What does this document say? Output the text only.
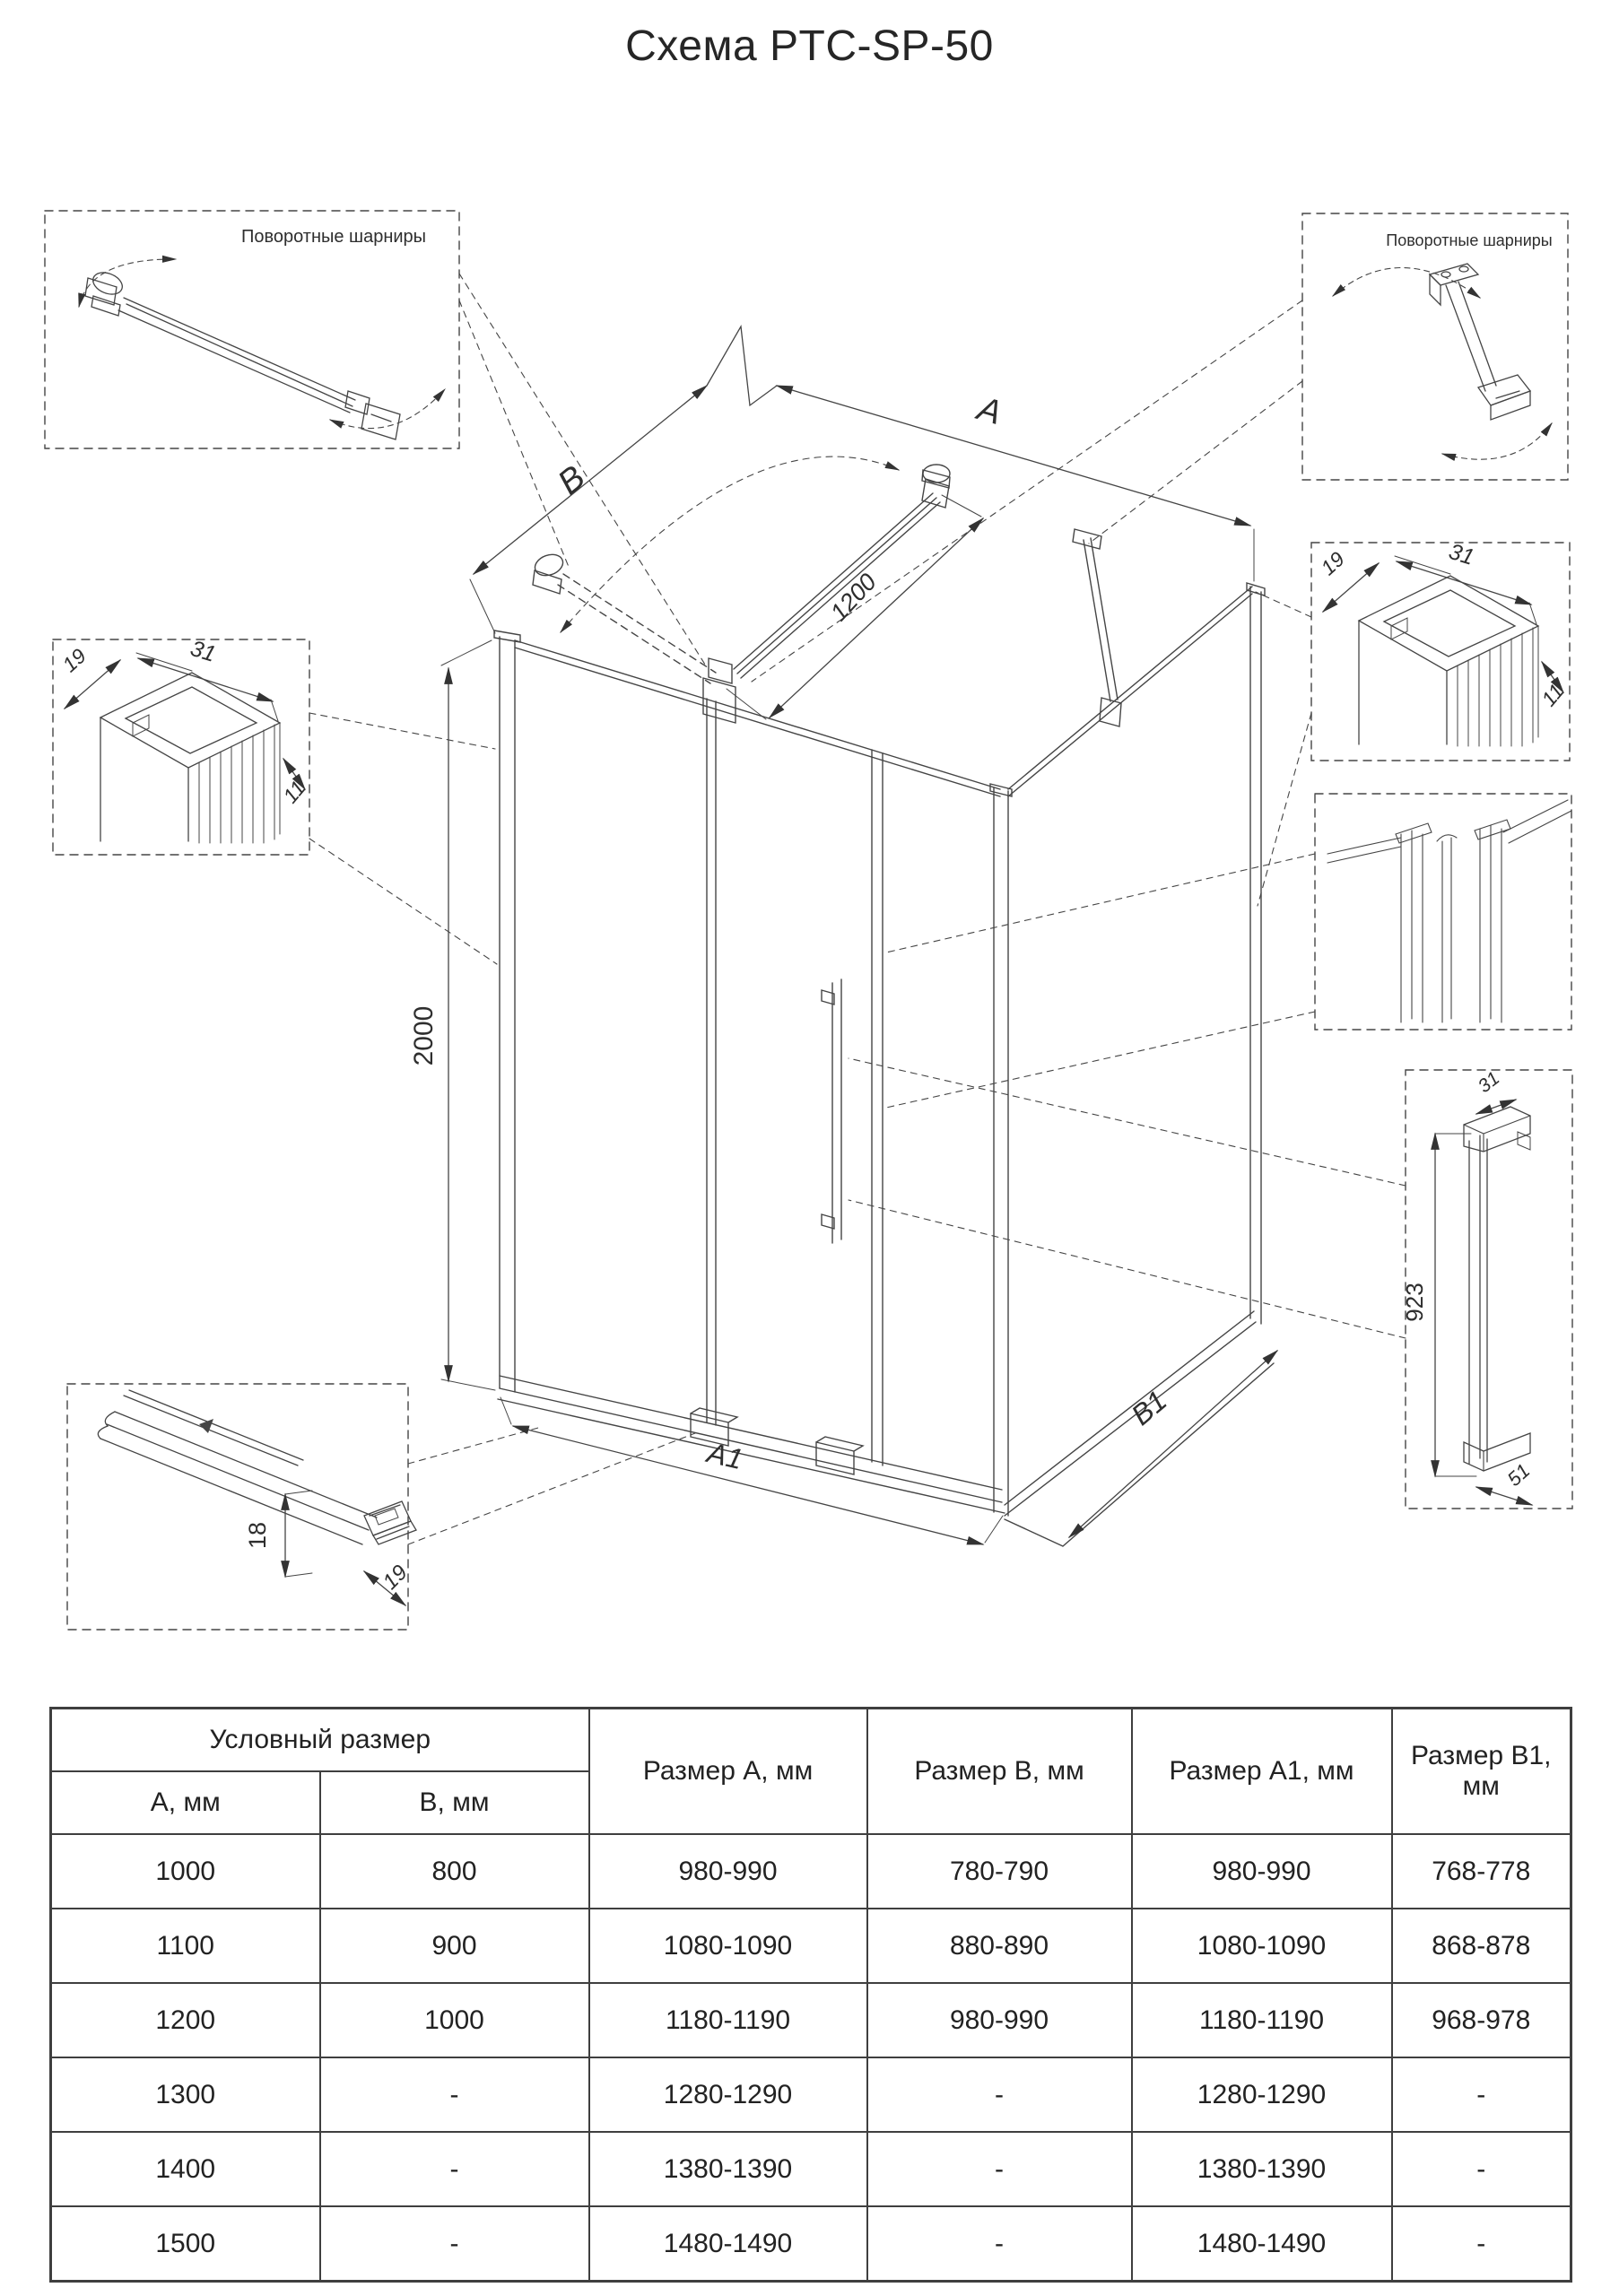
Схема PTC-SP-50
19	31
11
Поворотные шарниры	Поворотные шарниры
18
19
923
31
51
B
A
1200
2000
A1
B1
Условный размер		Размер A, мм	Размер B, мм	Размер A1, мм	Размер B1, мм
A, мм	B, мм				
1000	800	980-990	780-790	980-990	768-778
1100	900	1080-1090	880-890	1080-1090	868-878
1200	1000	1180-1190	980-990	1180-1190	968-978
1300	-	1280-1290	-	1280-1290	-
1400	-	1380-1390	-	1380-1390	-
1500	-	1480-1490	-	1480-1490	-
